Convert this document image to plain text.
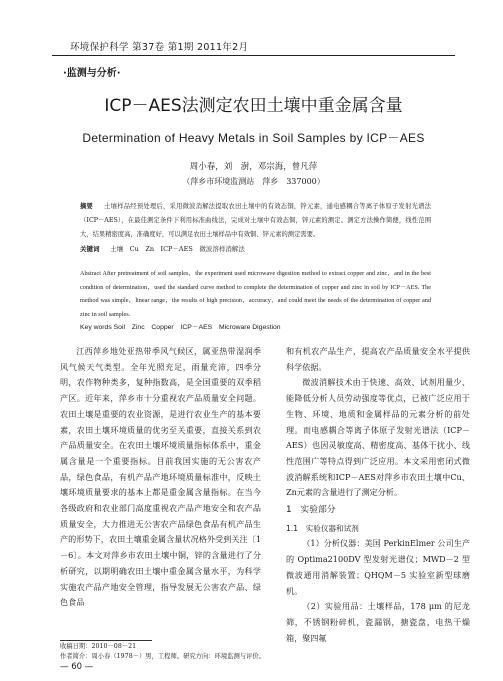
环境保护科学 第37卷 第1期 2011年2月
·监测与分析·
ICP－AES法测定农田土壤中重金属含量
Determination of Heavy Metals in Soil Samples by ICP－AES
周小春，刘　澍，邓宗海，曾凡萍
（萍乡市环境监测站　萍乡　337000）
摘要 　 土壤样品经预处理后，采用微波消解法提取农田土壤中的有效态铜，锌元素，通电感耦合等离子体原子发射光谱法（ICP－AES），在最佳测定条件下利用标准曲线法，完成对土壤中有效态铜，锌元素的测定。测定方法操作简便，线性范围大，结果精密度高，准确度好，可以满足农田土壤样品中有效铜、锌元素的测定需要。
关键词 　 土壤　Cu　Zn　ICP－AES　微波溶样消解法
Abstract After pretreatment of soil samples，the experiment used microwave digestion method to extract copper and zinc，and in the best condition of determination，used the standard curve method to complete the determination of copper and zinc in soil by ICP－AES. The method was simple，linear range，the results of high precision，accuracy，and could meet the needs of the determination of copper and zinc in soil samples.
Key words Soil　Zinc　Copper　ICP－AES　Microware Digestion

江西萍乡地处亚热带季风气候区，属亚热带湿润季风气候天气类型。全年光照充足，雨量充沛，四季分明，农作物种类多，复种指数高，是全国重要的双季稻产区。近年来，萍乡市十分重视农产品质量安全问题。农田土壤是重要的农业资源，是进行农业生产的基本要素，农田土壤环境质量的优劣至关重要，直接关系到农产品质量安全。在农田土壤环境质量指标体系中，重金属含量是一个重要指标。目前我国实施的无公害农产品，绿色食品，有机产品产地环境质量标准中，反映土壤环境质量要求的基本上都是重金属含量指标。在当今各级政府和农业部门高度重视农产品产地安全和农产品质量安全，大力推进无公害农产品绿色食品有机产品生产的形势下，农田土壤重金属含量状况格外受到关注〔1－6〕。本文对萍乡市农田土壤中铜，锌的含量进行了分析研究，以期明确农田土壤中重金属含量水平，为科学实施农产品产地安全管理，指导发展无公害农产品、绿色食品

和有机农产品生产，提高农产品质量安全水平提供科学依据。

微波消解技术由于快速、高效、试剂用量少、能降低分析人员劳动强度等优点，已被广泛应用于生物、环境、地质和金属样品的元素分析的前处理。而电感耦合等离子体原子发射光谱法（ICP－AES）也因灵敏度高、精密度高、基体干扰小、线性范围广等特点得到广泛应用。本文采用密闭式微波消解系统和ICP－AES对萍乡市农田土壤中Cu、Zn元素的含量进行了测定分析。

1　实验部分
1.1　实验仪器和试剂

（1）分析仪器：美国 PerkinElmer 公司生产的 Optima2100DV 型发射光谱仪；MWD－2 型微波通用消解装置；QHQM－5 实验室新型球磨机。

（2）实验用品：土壤样品，178 μm 的尼龙筛，不锈钢粉碎机，瓷漏锅，搪瓷盘，电热干燥箱，聚四氟

收稿日期：2010－08－21
作者简介：周小春（1978－）男，工程师。研究方向：环境监测与评价。
— 60 —
